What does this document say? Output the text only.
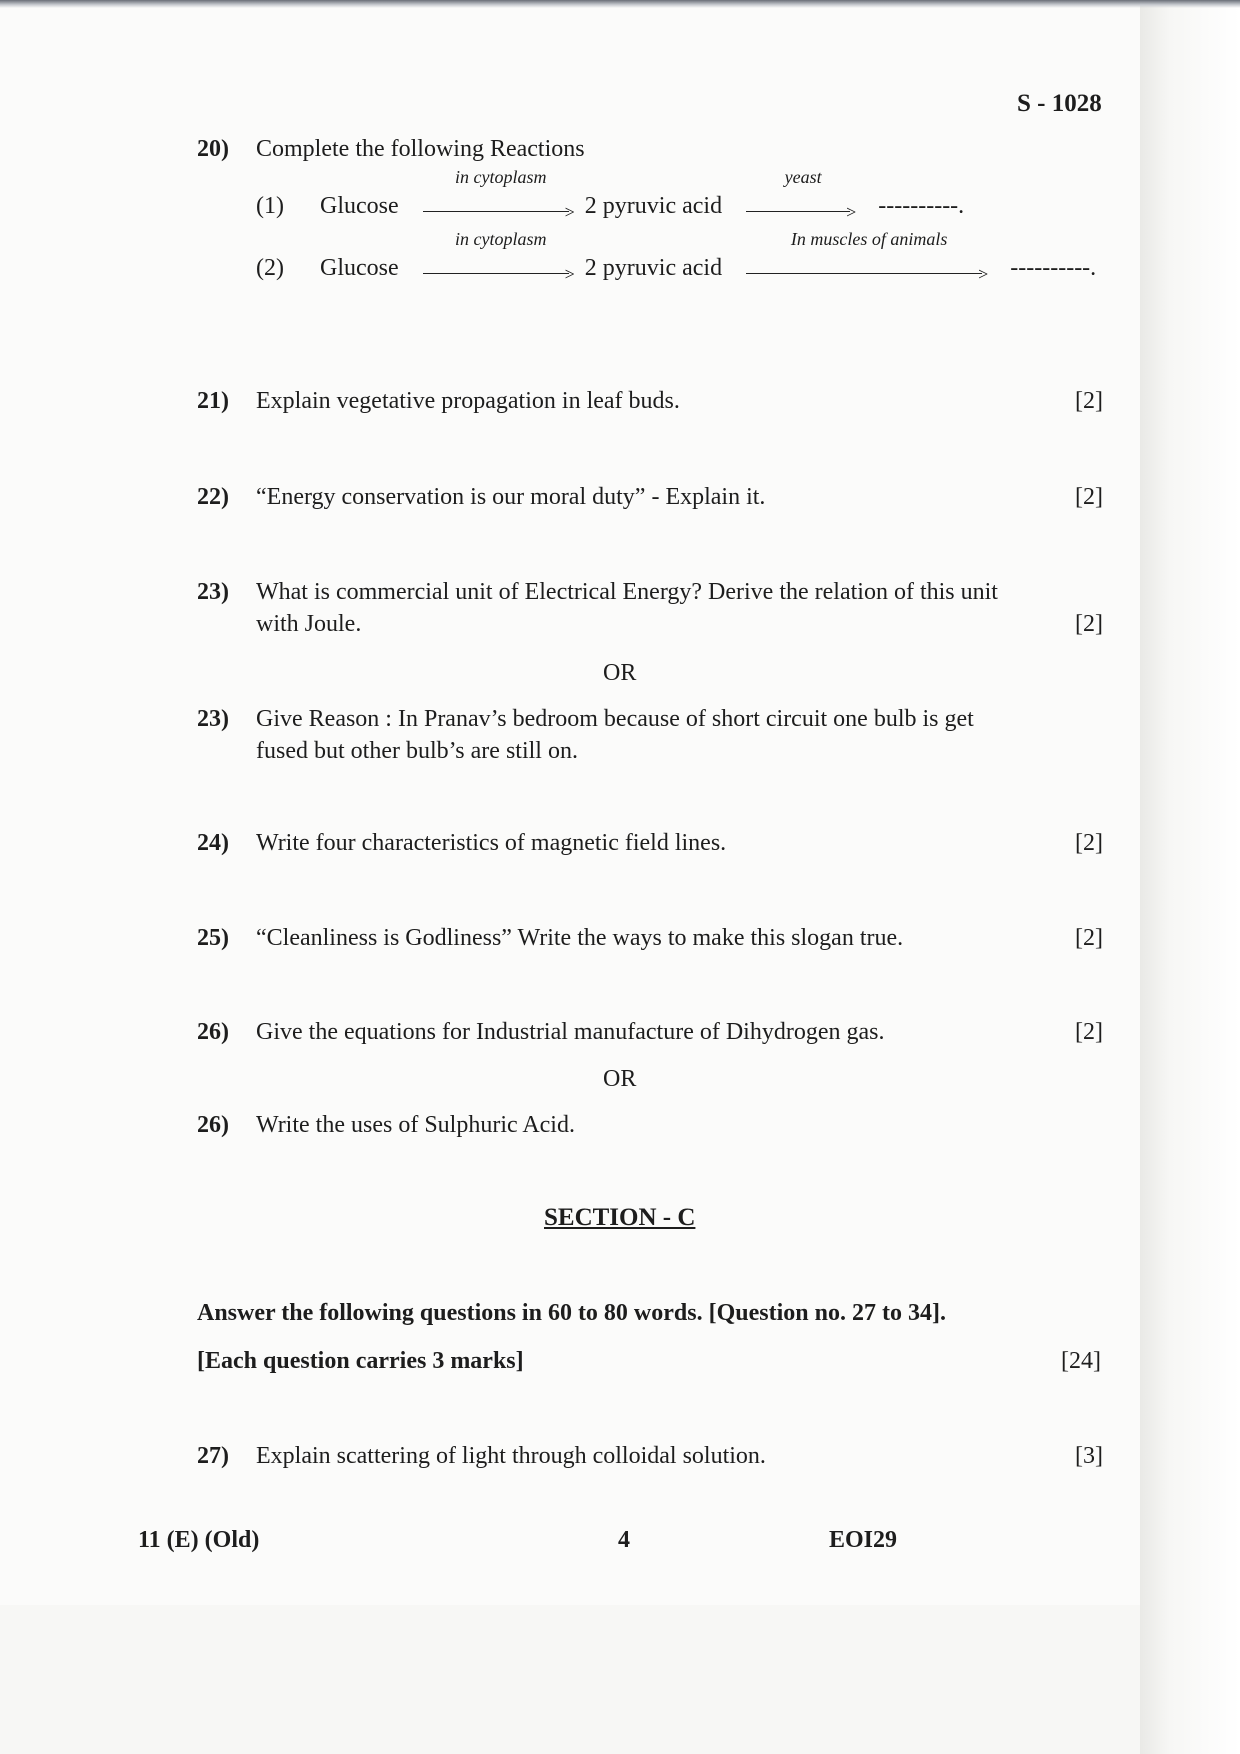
S - 1028
20) Complete the following Reactions
(1) Glucose
in cytoplasm
> 2 pyruvic acid
yeast
> ----------.
(2) Glucose
in cytoplasm
> 2 pyruvic acid
In muscles of animals
> ----------.
21) Explain vegetative propagation in leaf buds.	[2]
22) “Energy conservation is our moral duty” - Explain it.	[2]
23) What is commercial unit of Electrical Energy? Derive the relation of this unit
with Joule.	[2]
OR
23) Give Reason : In Pranav’s bedroom because of short circuit one bulb is get
fused but other bulb’s are still on.
24) Write four characteristics of magnetic field lines.	[2]
25) “Cleanliness is Godliness” Write the ways to make this slogan true.	[2]
26) Give the equations for Industrial manufacture of Dihydrogen gas.	[2]
OR
26) Write the uses of Sulphuric Acid.
SECTION - C
Answer the following questions in 60 to 80 words. [Question no. 27 to 34].
[Each question carries 3 marks]	[24]
27) Explain scattering of light through colloidal solution.	[3]
11 (E) (Old)	4	EOI29
